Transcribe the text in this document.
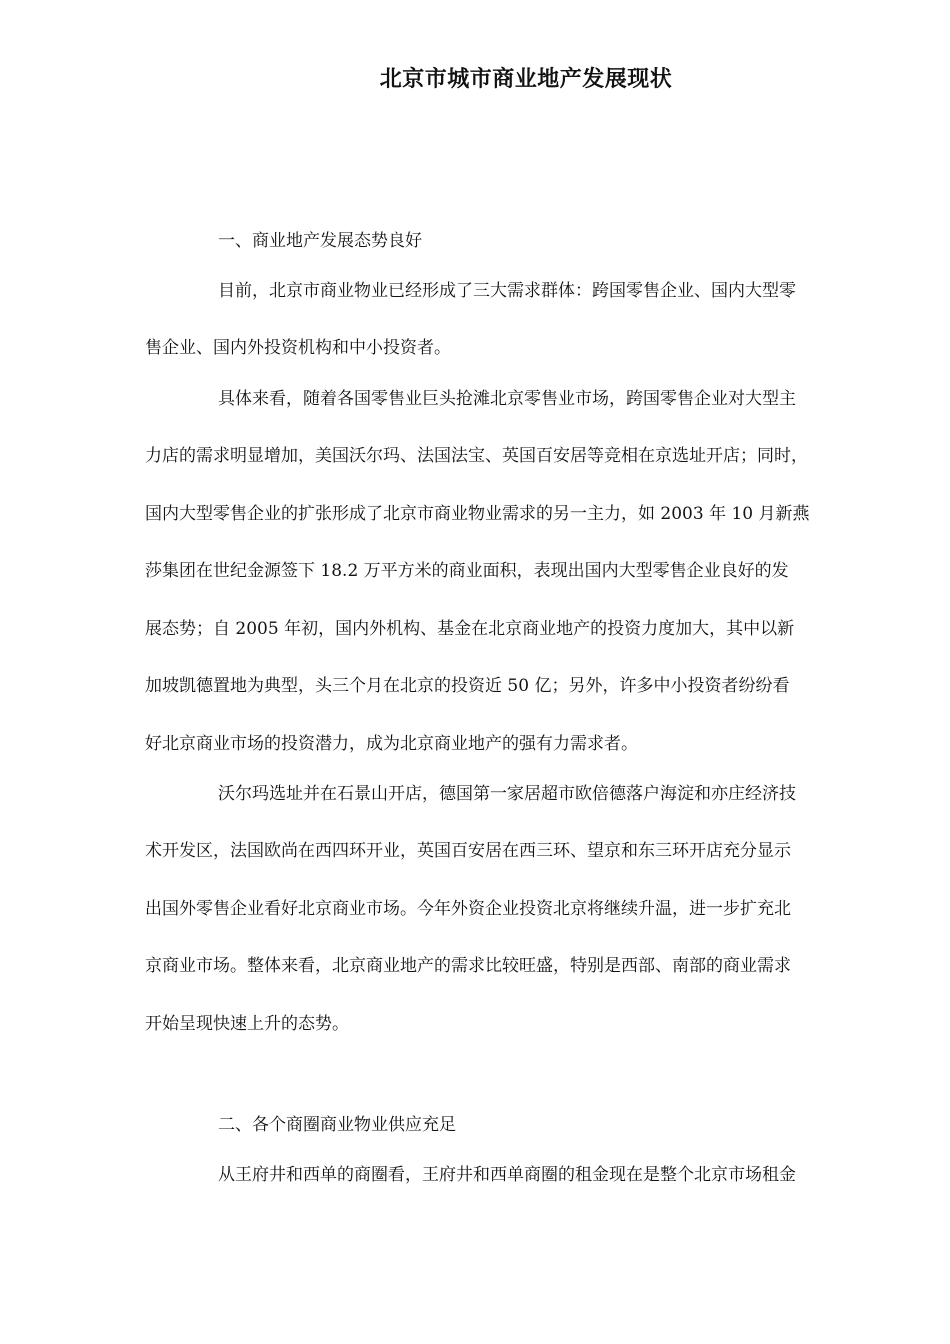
北京市城市商业地产发展现状
一、商业地产发展态势良好
目前，北京市商业物业已经形成了三大需求群体：跨国零售企业、国内大型零
售企业、国内外投资机构和中小投资者。
具体来看，随着各国零售业巨头抢滩北京零售业市场，跨国零售企业对大型主
力店的需求明显增加，美国沃尔玛、法国法宝、英国百安居等竞相在京选址开店；同时，
国内大型零售企业的扩张形成了北京市商业物业需求的另一主力，如 2003 年 10 月新燕
莎集团在世纪金源签下 18.2 万平方米的商业面积，表现出国内大型零售企业良好的发
展态势；自 2005 年初，国内外机构、基金在北京商业地产的投资力度加大，其中以新
加坡凯德置地为典型，头三个月在北京的投资近 50 亿；另外，许多中小投资者纷纷看
好北京商业市场的投资潜力，成为北京商业地产的强有力需求者。
沃尔玛选址并在石景山开店，德国第一家居超市欧倍德落户海淀和亦庄经济技
术开发区，法国欧尚在西四环开业，英国百安居在西三环、望京和东三环开店充分显示
出国外零售企业看好北京商业市场。今年外资企业投资北京将继续升温，进一步扩充北
京商业市场。整体来看，北京商业地产的需求比较旺盛，特别是西部、南部的商业需求
开始呈现快速上升的态势。
二、各个商圈商业物业供应充足
从王府井和西单的商圈看，王府井和西单商圈的租金现在是整个北京市场租金
